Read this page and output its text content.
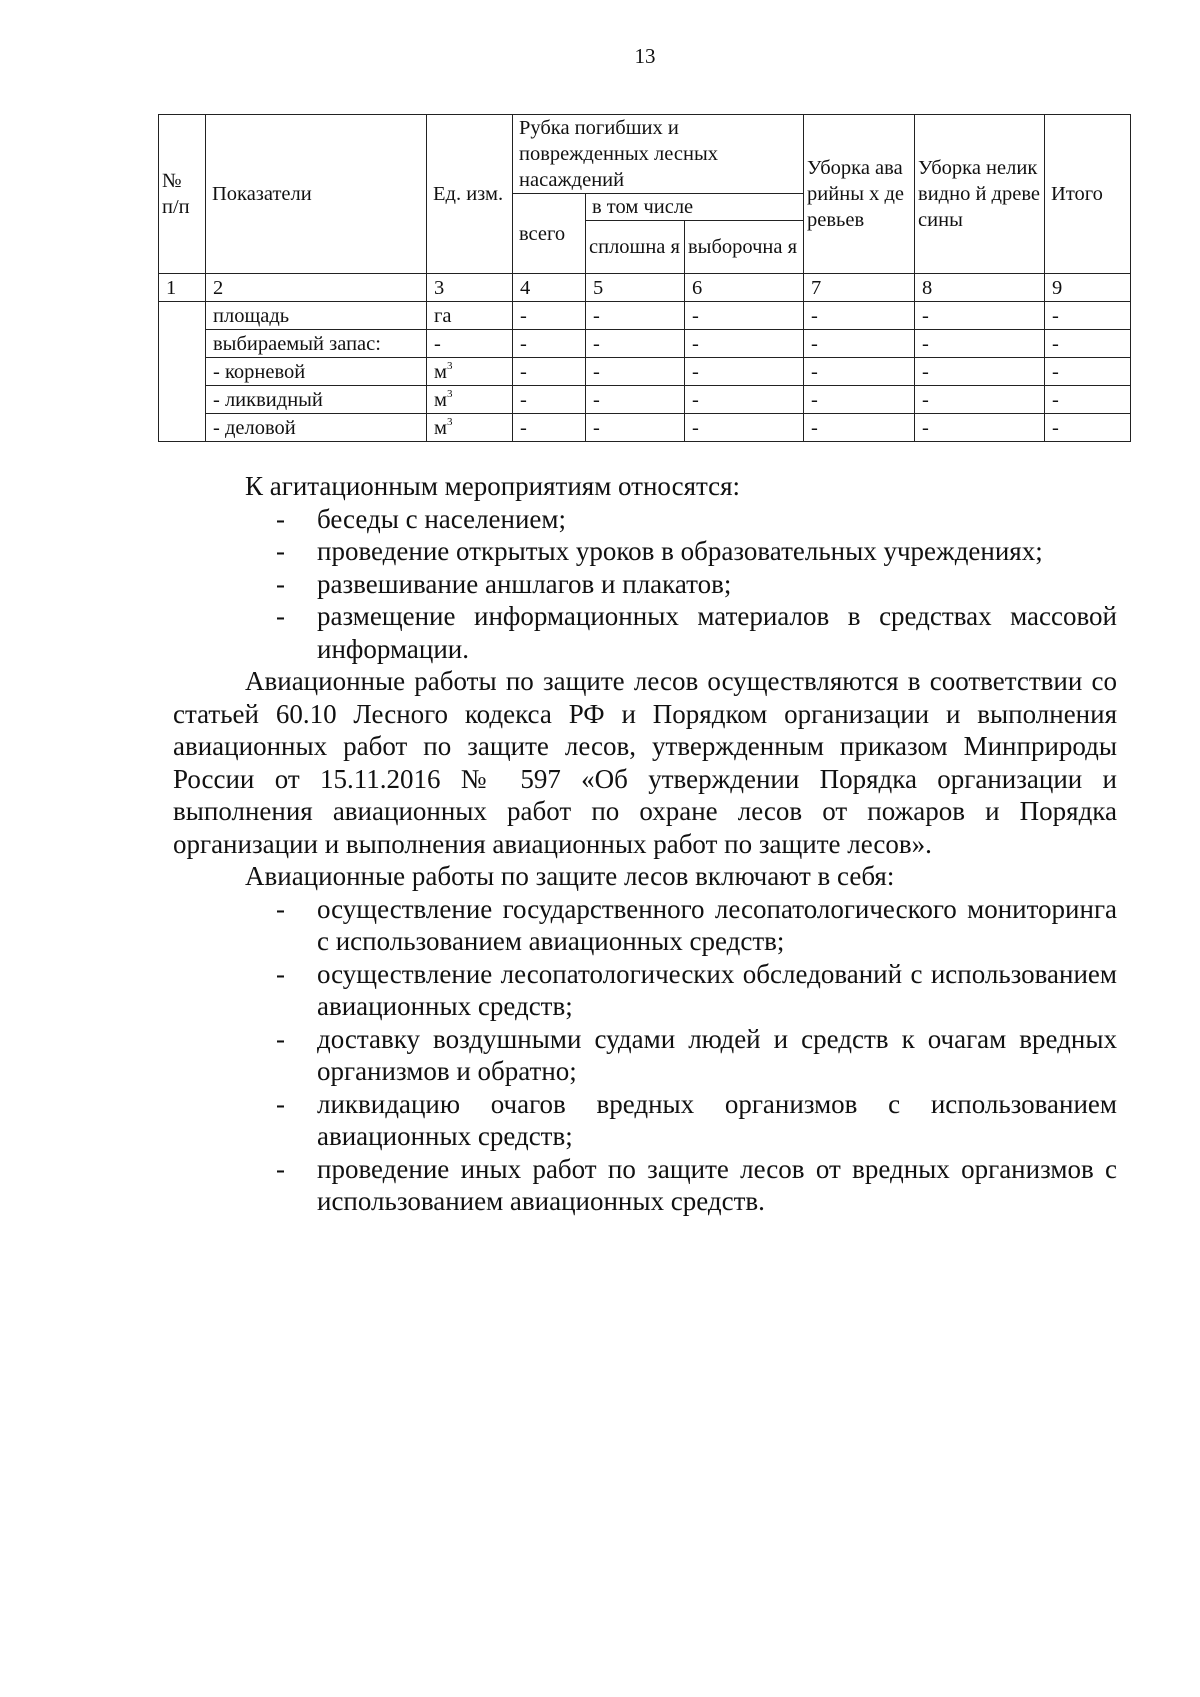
13
№ п/п	Показатели	Ед. изм.	Рубка погибших и поврежденных лесных насаждений			Уборка аварийны х деревьев	Уборка неликвидно й древесины	Итого
			всего	в том числе				
				сплошна я	выборочна я			
1	2	3	4	5	6	7	8	9
	площадь	га	-	-	-	-	-	-
	выбираемый запас:	-	-	-	-	-	-	-
	- корневой	$м^3$	-	-	-	-	-	-
	- ликвидный	$м^3$	-	-	-	-	-	-
	- деловой	$м^3$	-	-	-	-	-	-

К агитационным мероприятиям относятся:

- беседы с населением;
- проведение открытых уроков в образовательных учреждениях;
- развешивание аншлагов и плакатов;
- размещение информационных материалов в средствах массовой информации.

Авиационные работы по защите лесов осуществляются в соответствии со статьей 60.10 Лесного кодекса РФ и Порядком организации и выполнения авиационных работ по защите лесов, утвержденным приказом Минприроды России от 15.11.2016 № 597 «Об утверждении Порядка организации и выполнения авиационных работ по охране лесов от пожаров и Порядка организации и выполнения авиационных работ по защите лесов».

Авиационные работы по защите лесов включают в себя:

- осуществление государственного лесопатологического мониторинга с использованием авиационных средств;
- осуществление лесопатологических обследований с использованием авиационных средств;
- доставку воздушными судами людей и средств к очагам вредных организмов и обратно;
- ликвидацию очагов вредных организмов с использованием авиационных средств;
- проведение иных работ по защите лесов от вредных организмов с использованием авиационных средств.
